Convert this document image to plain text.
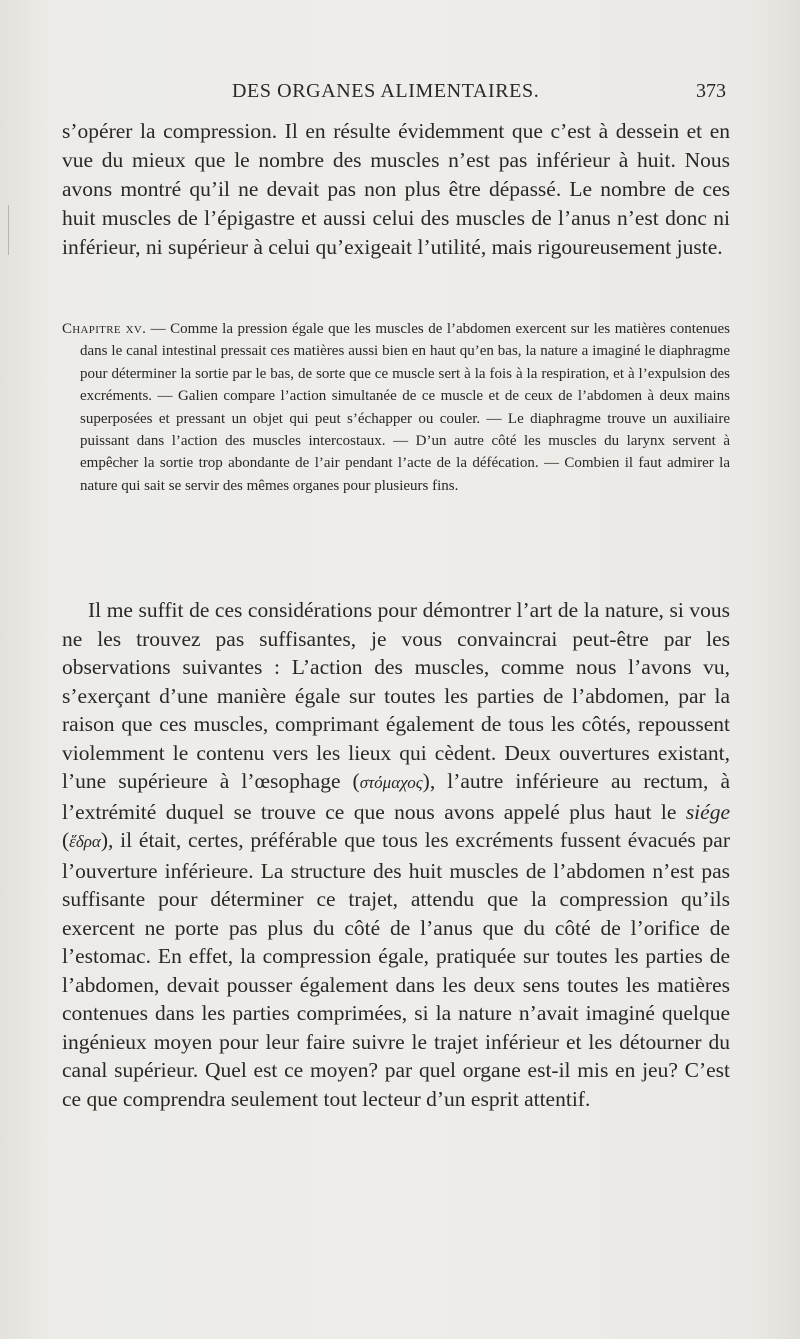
DES ORGANES ALIMENTAIRES.	373

s’opérer la compression. Il en résulte évidemment que c’est à dessein et en vue du mieux que le nombre des muscles n’est pas inférieur à huit. Nous avons montré qu’il ne devait pas non plus être dépassé. Le nombre de ces huit muscles de l’épigastre et aussi celui des muscles de l’anus n’est donc ni inférieur, ni supérieur à celui qu’exigeait l’utilité, mais rigoureusement juste.

Chapitre xv. — Comme la pression égale que les muscles de l’abdomen exercent sur les matières contenues dans le canal intestinal pressait ces matières aussi bien en haut qu’en bas, la nature a imaginé le diaphragme pour déterminer la sortie par le bas, de sorte que ce muscle sert à la fois à la respiration, et à l’expulsion des excréments. — Galien compare l’action simultanée de ce muscle et de ceux de l’abdomen à deux mains superposées et pressant un objet qui peut s’échapper ou couler. — Le diaphragme trouve un auxiliaire puissant dans l’action des muscles intercostaux. — D’un autre côté les muscles du larynx servent à empêcher la sortie trop abondante de l’air pendant l’acte de la défécation. — Combien il faut admirer la nature qui sait se servir des mêmes organes pour plusieurs fins.

Il me suffit de ces considérations pour démontrer l’art de la nature, si vous ne les trouvez pas suffisantes, je vous convaincrai peut-être par les observations suivantes : L’action des muscles, comme nous l’avons vu, s’exerçant d’une manière égale sur toutes les parties de l’abdomen, par la raison que ces muscles, comprimant également de tous les côtés, repoussent violemment le contenu vers les lieux qui cèdent. Deux ouvertures existant, l’une supérieure à l’œsophage (στόμαχος), l’autre inférieure au rectum, à l’extrémité duquel se trouve ce que nous avons appelé plus haut le siége (ἕδρα), il était, certes, préférable que tous les excréments fussent évacués par l’ouverture inférieure. La structure des huit muscles de l’abdomen n’est pas suffisante pour déterminer ce trajet, attendu que la compression qu’ils exercent ne porte pas plus du côté de l’anus que du côté de l’orifice de l’estomac. En effet, la compression égale, pratiquée sur toutes les parties de l’abdomen, devait pousser également dans les deux sens toutes les matières contenues dans les parties comprimées, si la nature n’avait imaginé quelque ingénieux moyen pour leur faire suivre le trajet inférieur et les détourner du canal supérieur. Quel est ce moyen? par quel organe est-il mis en jeu? C’est ce que comprendra seulement tout lecteur d’un esprit attentif.
